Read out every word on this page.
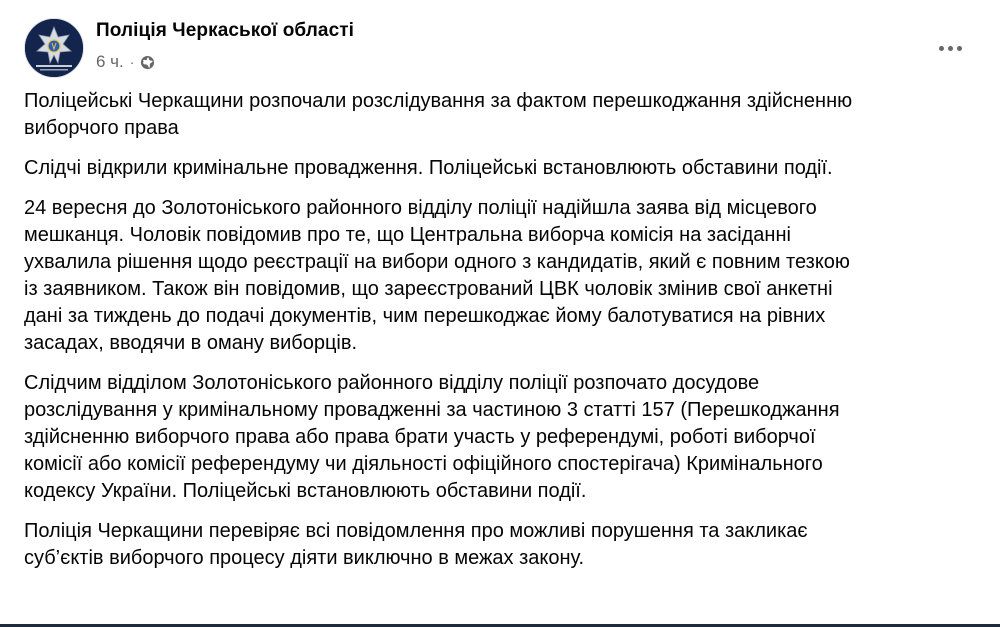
Поліція Черкаської області
6 ч. ·

Поліцейські Черкащини розпочали розслідування за фактом перешкоджання здійсненню
виборчого права

Слідчі відкрили кримінальне провадження. Поліцейські встановлюють обставини події.

24 вересня до Золотоніського районного відділу поліції надійшла заява від місцевого
мешканця. Чоловік повідомив про те, що Центральна виборча комісія на засіданні
ухвалила рішення щодо реєстрації на вибори одного з кандидатів, який є повним тезкою
із заявником. Також він повідомив, що зареєстрований ЦВК чоловік змінив свої анкетні
дані за тиждень до подачі документів, чим перешкоджає йому балотуватися на рівних
засадах, вводячи в оману виборців.

Слідчим відділом Золотоніського районного відділу поліції розпочато досудове
розслідування у кримінальному провадженні за частиною 3 статті 157 (Перешкоджання
здійсненню виборчого права або права брати участь у референдумі, роботі виборчої
комісії або комісії референдуму чи діяльності офіційного спостерігача) Кримінального
кодексу України. Поліцейські встановлюють обставини події.

Поліція Черкащини перевіряє всі повідомлення про можливі порушення та закликає
суб’єктів виборчого процесу діяти виключно в межах закону.
